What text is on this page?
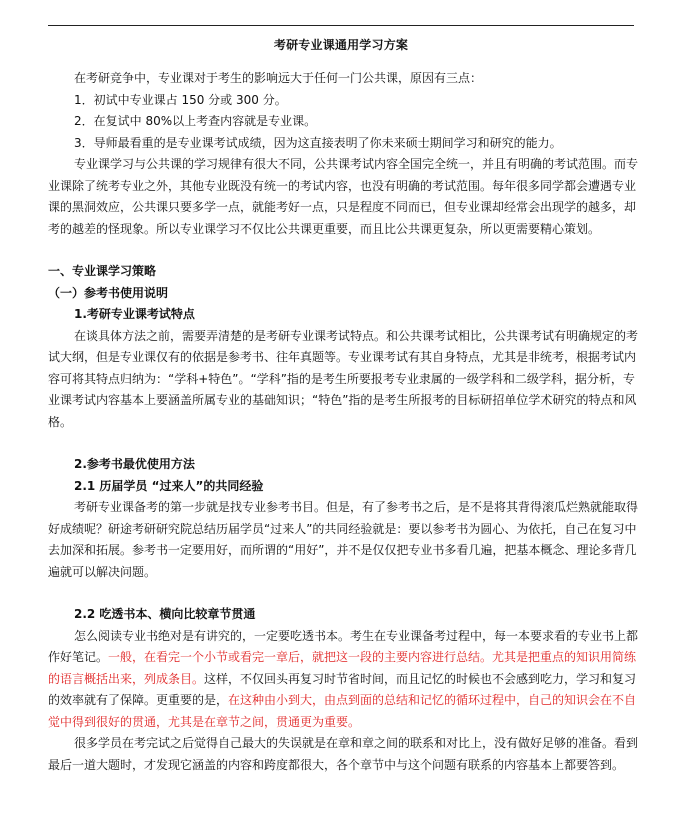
考研专业课通用学习方案

在考研竞争中，专业课对于考生的影响远大于任何一门公共课，原因有三点：

1．初试中专业课占 150 分或 300 分。

2．在复试中 80%以上考查内容就是专业课。

3．导师最看重的是专业课考试成绩，因为这直接表明了你未来硕士期间学习和研究的能力。

专业课学习与公共课的学习规律有很大不同，公共课考试内容全国完全统一，并且有明确的考试范围。而专业课除了统考专业之外，其他专业既没有统一的考试内容，也没有明确的考试范围。每年很多同学都会遭遇专业课的黑洞效应，公共课只要多学一点，就能考好一点，只是程度不同而已，但专业课却经常会出现学的越多，却考的越差的怪现象。所以专业课学习不仅比公共课更重要，而且比公共课更复杂，所以更需要精心策划。

一、专业课学习策略

（一）参考书使用说明

1.考研专业课考试特点

在谈具体方法之前，需要弄清楚的是考研专业课考试特点。和公共课考试相比，公共课考试有明确规定的考试大纲，但是专业课仅有的依据是参考书、往年真题等。专业课考试有其自身特点，尤其是非统考，根据考试内容可将其特点归纳为：“学科+特色”。“学科”指的是考生所要报考专业隶属的一级学科和二级学科，据分析，专业课考试内容基本上要涵盖所属专业的基础知识；“特色”指的是考生所报考的目标研招单位学术研究的特点和风格。

2.参考书最优使用方法

2.1 历届学员 “过来人”的共同经验

考研专业课备考的第一步就是找专业参考书目。但是，有了参考书之后，是不是将其背得滚瓜烂熟就能取得好成绩呢？研途考研研究院总结历届学员“过来人”的共同经验就是：要以参考书为圆心、为依托，自己在复习中去加深和拓展。参考书一定要用好，而所谓的“用好”，并不是仅仅把专业书多看几遍，把基本概念、理论多背几遍就可以解决问题。

2.2 吃透书本、横向比较章节贯通

怎么阅读专业书绝对是有讲究的，一定要吃透书本。考生在专业课备考过程中，每一本要求看的专业书上都作好笔记。一般，在看完一个小节或看完一章后，就把这一段的主要内容进行总结。尤其是把重点的知识用简练的语言概括出来，列成条目。这样，不仅回头再复习时节省时间，而且记忆的时候也不会感到吃力，学习和复习的效率就有了保障。更重要的是，在这种由小到大，由点到面的总结和记忆的循环过程中，自己的知识会在不自觉中得到很好的贯通，尤其是在章节之间，贯通更为重要。

很多学员在考完试之后觉得自己最大的失误就是在章和章之间的联系和对比上，没有做好足够的准备。看到最后一道大题时，才发现它涵盖的内容和跨度都很大，各个章节中与这个问题有联系的内容基本上都要答到。
